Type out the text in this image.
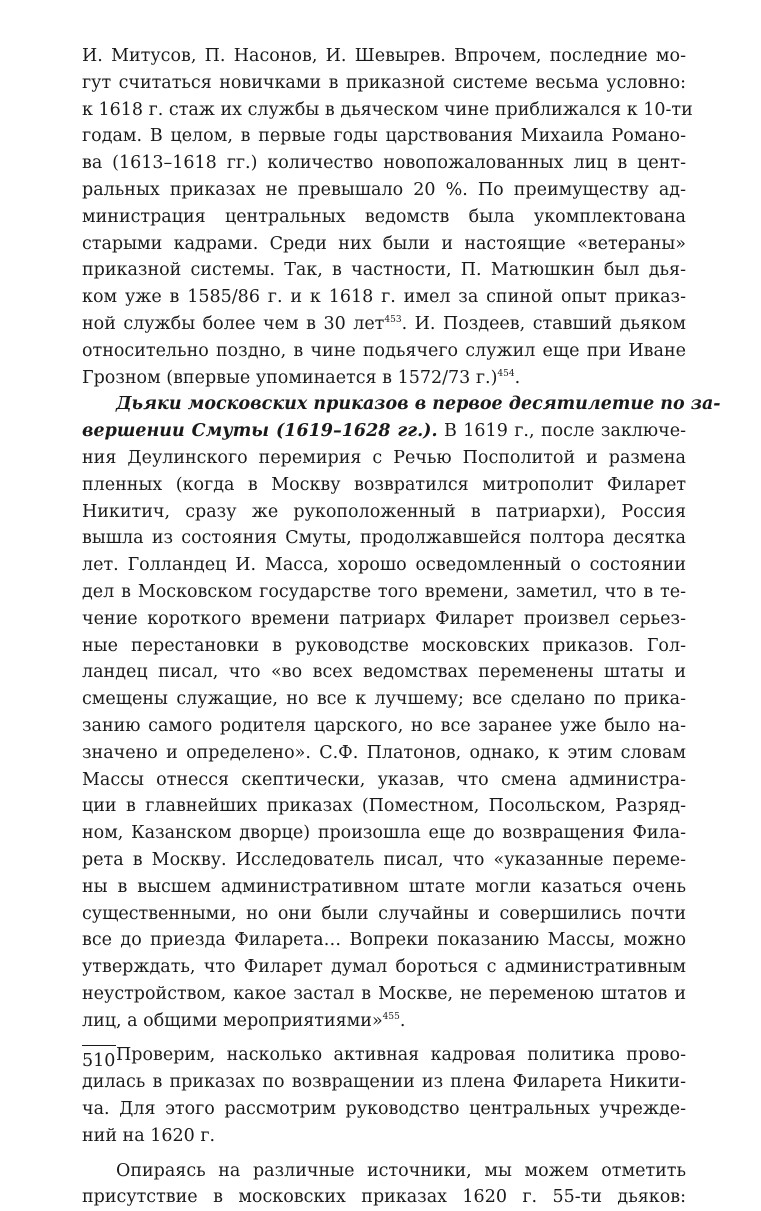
И. Митусов, П. Насонов, И. Шевырев. Впрочем, последние мо-
гут считаться новичками в приказной системе весьма условно:
к 1618 г. стаж их службы в дьяческом чине приближался к 10-ти
годам. В целом, в первые годы царствования Михаила Романо-
ва (1613–1618 гг.) количество новопожалованных лиц в цент-
ральных приказах не превышало 20 %. По преимуществу ад-
министрация центральных ведомств была укомплектована
старыми кадрами. Среди них были и настоящие «ветераны»
приказной системы. Так, в частности, П. Матюшкин был дья-
ком уже в 1585/86 г. и к 1618 г. имел за спиной опыт приказ-
ной службы более чем в 30 лет$^{453}$. И. Поздеев, ставший дьяком
относительно поздно, в чине подьячего служил еще при Иване
Грозном (впервые упоминается в 1572/73 г.)$^{454}$.
Дьяки московских приказов в первое десятилетие по за-
вершении Смуты (1619–1628 гг.). В 1619 г., после заключе-
ния Деулинского перемирия с Речью Посполитой и размена
пленных (когда в Москву возвратился митрополит Филарет
Никитич, сразу же рукоположенный в патриархи), Россия
вышла из состояния Смуты, продолжавшейся полтора десятка
лет. Голландец И. Масса, хорошо осведомленный о состоянии
дел в Московском государстве того времени, заметил, что в те-
чение короткого времени патриарх Филарет произвел серьез-
ные перестановки в руководстве московских приказов. Гол-
ландец писал, что «во всех ведомствах переменены штаты и
смещены служащие, но все к лучшему; все сделано по прика-
занию самого родителя царского, но все заранее уже было на-
значено и определено». С.Ф. Платонов, однако, к этим словам
Массы отнесся скептически, указав, что смена администра-
ции в главнейших приказах (Поместном, Посольском, Разряд-
ном, Казанском дворце) произошла еще до возвращения Фила-
рета в Москву. Исследователь писал, что «указанные переме-
ны в высшем административном штате могли казаться очень
существенными, но они были случайны и совершились почти
все до приезда Филарета… Вопреки показанию Массы, можно
утверждать, что Филарет думал бороться с административным
неустройством, какое застал в Москве, не переменою штатов и
лиц, а общими мероприятиями»$^{455}$.
Проверим, насколько активная кадровая политика прово-
дилась в приказах по возвращении из плена Филарета Никити-
ча. Для этого рассмотрим руководство центральных учрежде-
ний на 1620 г.
Опираясь на различные источники, мы можем отметить
присутствие в московских приказах 1620 г. 55-ти дьяков:
510
